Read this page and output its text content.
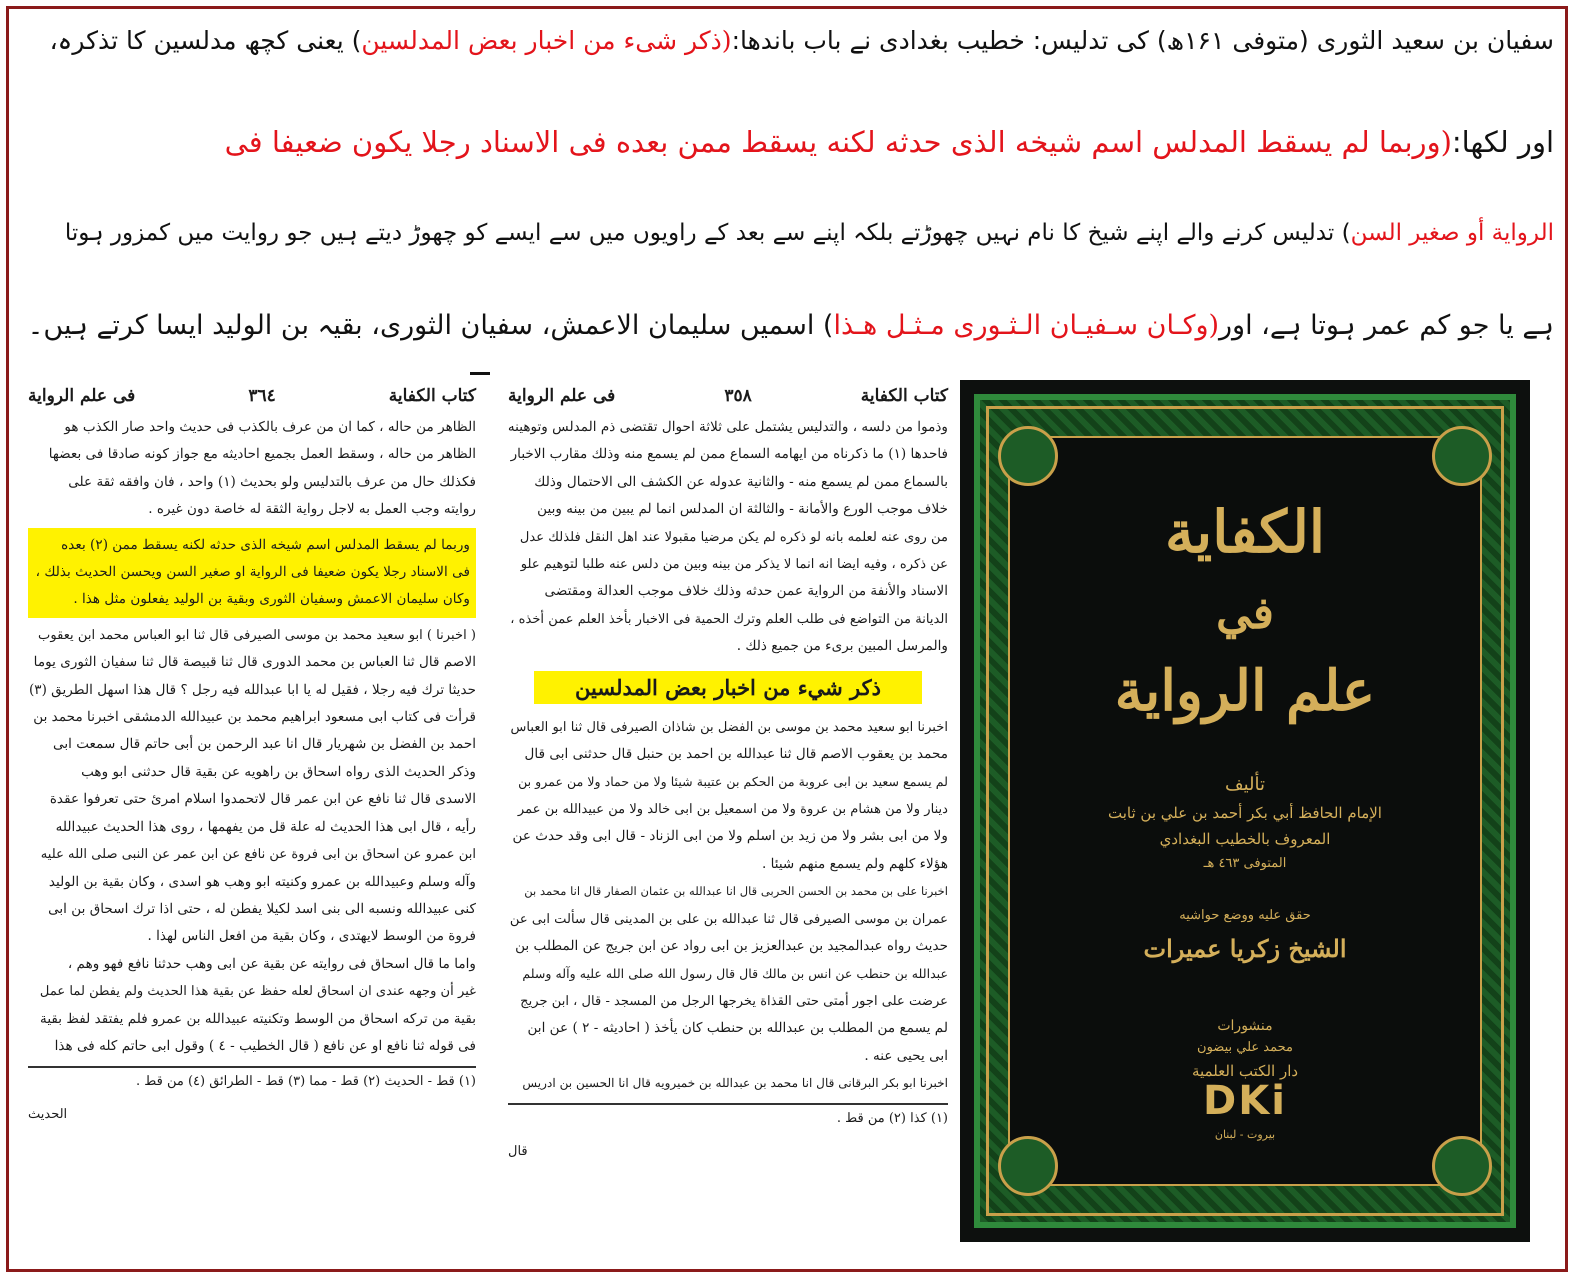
سفیان بن سعید الثوری (متوفی ۱۶۱ھ) کی تدلیس: خطیب بغدادی نے باب باندھا:(ذکر شیء من اخبار بعض المدلسین) یعنی کچھ مدلسین کا تذکرہ،
اور لکھا:(وربما لم یسقط المدلس اسم شیخه الذی حدثه لکنه یسقط ممن بعده فی الاسناد رجلا یکون ضعیفا فی
الروایة أو صغیر السن) تدلیس کرنے والے اپنے شیخ کا نام نہیں چھوڑتے بلکہ اپنے سے بعد کے راویوں میں سے ایسے کو چھوڑ دیتے ہیں جو روایت میں کمزور ہوتا
ہے یا جو کم عمر ہوتا ہے، اور(وکـان سـفیـان الـثـوری مـثـل هـذا) اسمیں سلیمان الاعمش، سفیان الثوری، بقیہ بن الولید ایسا کرتے ہیں۔
كتاب الكفاية
٣٦٤
فى علم الرواية

الظاهر من حاله ، كما ان من عرف بالكذب فى حديث واحد صار الكذب هو

الظاهر من حاله ، وسقط العمل بجميع احاديثه مع جواز كونه صادقا فى بعضها

فكذلك حال من عرف بالتدليس ولو بحديث (١) واحد ، فان وافقه ثقة على

روايته وجب العمل به لاجل رواية الثقة له خاصة دون غيره .

وربما لم يسقط المدلس اسم شيخه الذى حدثه لكنه يسقط ممن (٢) بعده

فى الاسناد رجلا يكون ضعيفا فى الرواية او صغير السن ويحسن الحديث بذلك ،

وكان سليمان الاعمش وسفيان الثورى وبقية بن الوليد يفعلون مثل هذا .

( اخبرنا ) ابو سعيد محمد بن موسى الصيرفى قال ثنا ابو العباس محمد ابن يعقوب

الاصم قال ثنا العباس بن محمد الدورى قال ثنا قبيصة قال ثنا سفيان الثورى يوما

حديثا ترك فيه رجلا ، فقيل له يا ابا عبدالله فيه رجل ؟ قال هذا اسهل الطريق (٣)

قرأت فى كتاب ابى مسعود ابراهيم محمد بن عبيدالله الدمشقى اخبرنا محمد بن

احمد بن الفضل بن شهريار قال انا عبد الرحمن بن أبى حاتم قال سمعت ابى

وذكر الحديث الذى رواه اسحاق بن راهويه عن بقية قال حدثنى ابو وهب

الاسدى قال ثنا نافع عن ابن عمر قال لاتحمدوا اسلام امرئ حتى تعرفوا عقدة

رأيه ، قال ابى هذا الحديث له علة قل من يفهمها ، روى هذا الحديث عبيدالله

ابن عمرو عن اسحاق بن ابى فروة عن نافع عن ابن عمر عن النبى صلى الله عليه

وآله وسلم وعبيدالله بن عمرو وكنيته ابو وهب هو اسدى ، وكان بقية بن الوليد

كنى عبيدالله ونسبه الى بنى اسد لكيلا يفطن له ، حتى اذا ترك اسحاق بن ابى

فروة من الوسط لايهتدى ، وكان بقية من افعل الناس لهذا .

واما ما قال اسحاق فى روايته عن بقية عن ابى وهب حدثنا نافع فهو وهم ،

غير أن وجهه عندى ان اسحاق لعله حفظ عن بقية هذا الحديث ولم يفطن لما عمل

بقية من تركه اسحاق من الوسط وتكنيته عبيدالله بن عمرو فلم يفتقد لفظ بقية

فى قوله ثنا نافع او عن نافع ( قال الخطيب - ٤ ) وقول ابى حاتم كله فى هذا

(١) قط - الحديث (٢) قط - مما (٣) قط - الطرائق (٤) من قط .
الحديث
كتاب الكفاية
٣٥٨
فى علم الرواية

وذموا من دلسه ، والتدليس يشتمل على ثلاثة احوال تقتضى ذم المدلس وتوهينه

فاحدها (١) ما ذكرناه من ايهامه السماع ممن لم يسمع منه وذلك مقارب الاخبار

بالسماع ممن لم يسمع منه - والثانية عدوله عن الكشف الى الاحتمال وذلك

خلاف موجب الورع والأمانة - والثالثة ان المدلس انما لم يبين من بينه وبين

من روى عنه لعلمه بانه لو ذكره لم يكن مرضيا مقبولا عند اهل النقل فلذلك عدل

عن ذكره ، وفيه ايضا انه انما لا يذكر من بينه وبين من دلس عنه طلبا لتوهيم علو

الاسناد والأنفة من الرواية عمن حدثه وذلك خلاف موجب العدالة ومقتضى

الديانة من التواضع فى طلب العلم وترك الحمية فى الاخبار بأخذ العلم عمن أخذه ،

والمرسل المبين برىء من جميع ذلك .

ذكر شيء من اخبار بعض المدلسين

اخبرنا ابو سعيد محمد بن موسى بن الفضل بن شاذان الصيرفى قال ثنا ابو العباس

محمد بن يعقوب الاصم قال ثنا عبدالله بن احمد بن حنبل قال حدثنى ابى قال

لم يسمع سعيد بن ابى عروبة من الحكم بن عتيبة شيئا ولا من حماد ولا من عمرو بن

دينار ولا من هشام بن عروة ولا من اسمعيل بن ابى خالد ولا من عبيدالله بن عمر

ولا من ابى بشر ولا من زيد بن اسلم ولا من ابى الزناد - قال ابى وقد حدث عن

هؤلاء كلهم ولم يسمع منهم شيئا .

اخبرنا على بن محمد بن الحسن الحربى قال انا عبدالله بن عثمان الصفار قال انا محمد بن

عمران بن موسى الصيرفى قال ثنا عبدالله بن على بن المدينى قال سألت ابى عن

حديث رواه عبدالمجيد بن عبدالعزيز بن ابى رواد عن ابن جريج عن المطلب بن

عبدالله بن حنطب عن انس بن مالك قال قال رسول الله صلى الله عليه وآله وسلم

عرضت على اجور أمتى حتى القذاة يخرجها الرجل من المسجد - قال ، ابن جريج

لم يسمع من المطلب بن عبدالله بن حنطب كان يأخذ ( احاديثه - ٢ ) عن ابن

ابى يحيى عنه .

اخبرنا ابو بكر البرقانى قال انا محمد بن عبدالله بن خميرويه قال انا الحسين بن ادريس

(١) كذا (٢) من قط .
قال
الكفاية
في
علم الرواية
تأليف
الإمام الحافظ أبي بكر أحمد بن علي بن ثابت
المعروف بالخطيب البغدادي
المتوفى ٤٦٣ هـ
حقق عليه ووضع حواشيه
الشيخ زكريا عميرات
منشورات
محمد علي بيضون
دار الكتب العلمية
DKi
بيروت - لبنان
